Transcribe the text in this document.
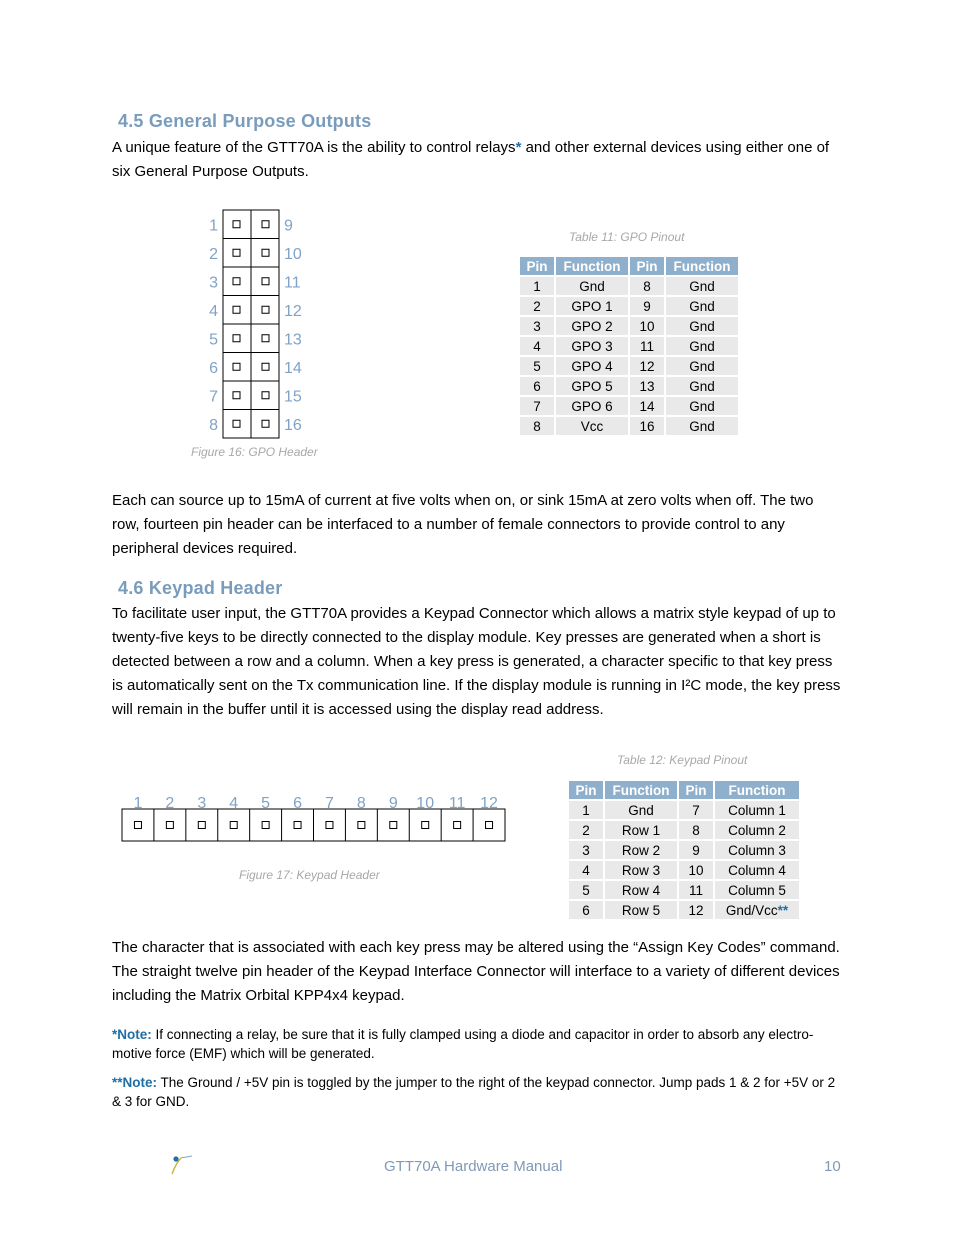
4.5 General Purpose Outputs
A unique feature of the GTT70A is the ability to control relays* and other external devices using either one of six General Purpose Outputs.
1	9
2	10
3	11
4	12
5	13
6	14
7	15
8	16
Figure 16: GPO Header
Table 11: GPO Pinout
Pin	Function	Pin	Function
1	Gnd	8	Gnd
2	GPO 1	9	Gnd
3	GPO 2	10	Gnd
4	GPO 3	11	Gnd
5	GPO 4	12	Gnd
6	GPO 5	13	Gnd
7	GPO 6	14	Gnd
8	Vcc	16	Gnd
Each can source up to 15mA of current at five volts when on, or sink 15mA at zero volts when off. The two row, fourteen pin header can be interfaced to a number of female connectors to provide control to any peripheral devices required.
4.6 Keypad Header
To facilitate user input, the GTT70A provides a Keypad Connector which allows a matrix style keypad of up to twenty-five keys to be directly connected to the display module. Key presses are generated when a short is detected between a row and a column. When a key press is generated, a character specific to that key press is automatically sent on the Tx communication line. If the display module is running in I²C mode, the key press will remain in the buffer until it is accessed using the display read address.
1 2 3 4 5 6 7 8 9 10 11 12
Figure 17: Keypad Header
Table 12: Keypad Pinout
Pin	Function	Pin	Function
1	Gnd	7	Column 1
2	Row 1	8	Column 2
3	Row 2	9	Column 3
4	Row 3	10	Column 4
5	Row 4	11	Column 5
6	Row 5	12	Gnd/Vcc**
The character that is associated with each key press may be altered using the “Assign Key Codes” command. The straight twelve pin header of the Keypad Interface Connector will interface to a variety of different devices including the Matrix Orbital KPP4x4 keypad.
*Note: If connecting a relay, be sure that it is fully clamped using a diode and capacitor in order to absorb any electro-motive force (EMF) which will be generated.
**Note: The Ground / +5V pin is toggled by the jumper to the right of the keypad connector. Jump pads 1 & 2 for +5V or 2 & 3 for GND.
GTT70A Hardware Manual	10
